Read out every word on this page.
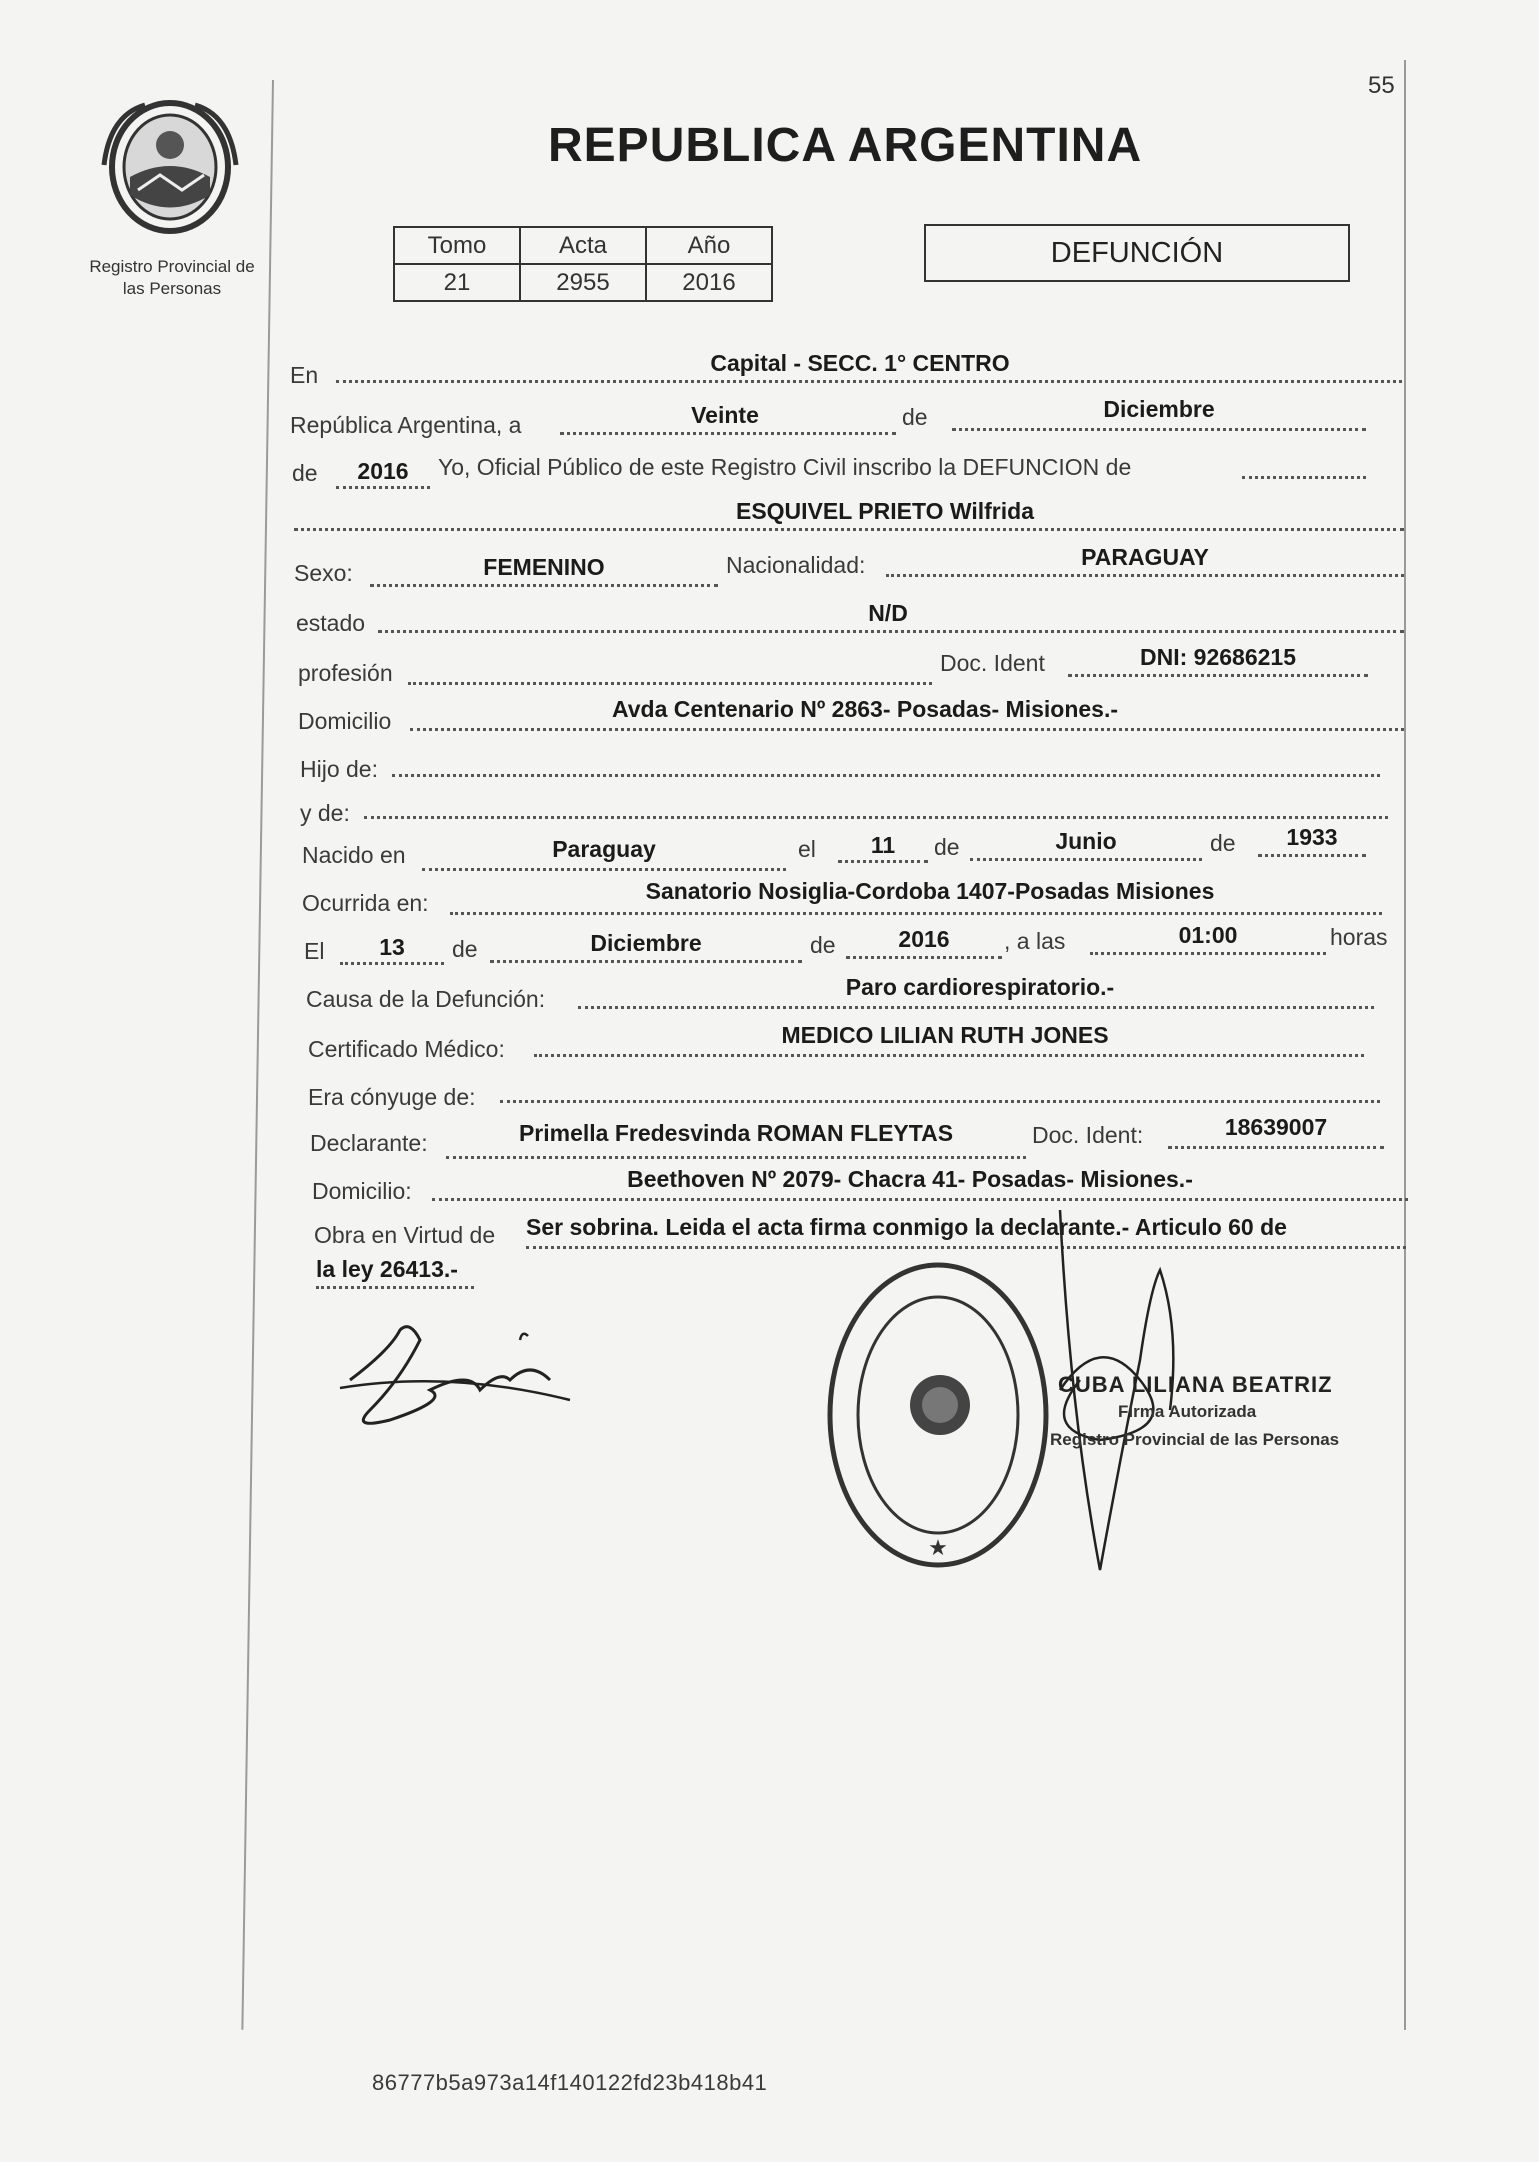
55
Registro Provincial de
las Personas
REPUBLICA ARGENTINA
Tomo	Acta	Año
21	2955	2016
DEFUNCIÓN
En	Capital - SECC. 1° CENTRO
República Argentina, a	Veinte	de	Diciembre
de	2016	Yo, Oficial Público de este Registro Civil inscribo la DEFUNCION de
ESQUIVEL PRIETO Wilfrida
Sexo:	FEMENINO	Nacionalidad:	PARAGUAY
estado	N/D
profesión	Doc. Ident	DNI: 92686215
Domicilio	Avda Centenario Nº 2863- Posadas- Misiones.-
Hijo de:
y de:
Nacido en	Paraguay	el	11	de	Junio	de	1933
Ocurrida en:	Sanatorio Nosiglia-Cordoba 1407-Posadas Misiones
El	13	de	Diciembre	de	2016	, a las	01:00	horas
Causa de la Defunción:	Paro cardiorespiratorio.-
Certificado Médico:
MEDICO LILIAN RUTH JONES
Era cónyuge de:
Declarante:	Primella Fredesvinda ROMAN FLEYTAS	Doc. Ident:	18639007
Domicilio:	Beethoven Nº 2079- Chacra 41- Posadas- Misiones.-
Obra en Virtud de Ser sobrina. Leida el acta firma conmigo la declarante.- Articulo 60 de
la ley 26413.-
★
CUBA LILIANA BEATRIZ
Firma Autorizada
Registro Provincial de las Personas
86777b5a973a14f140122fd23b418b41
